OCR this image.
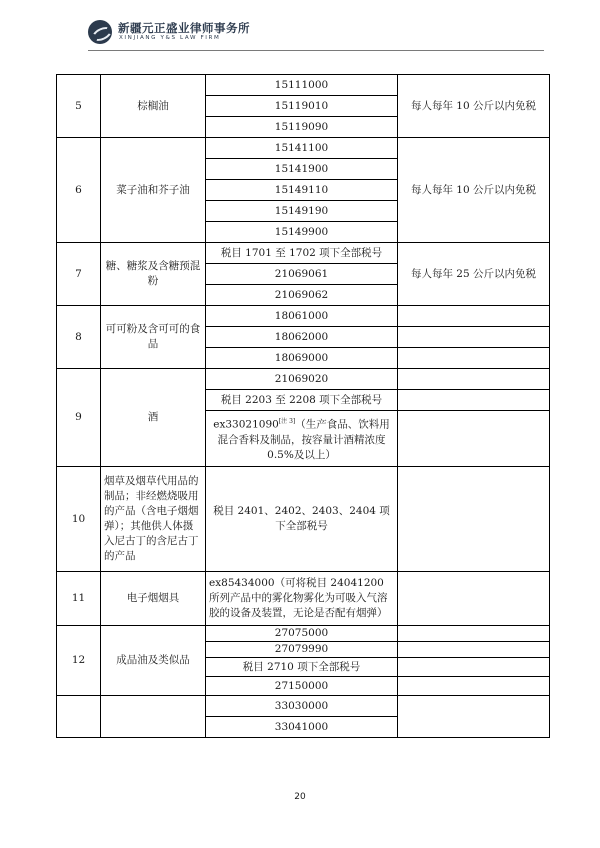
新疆元正盛业律师事务所
XINJIANG Y&S LAW FIRM
5	棕榈油	15111000	每人每年 10 公斤以内免税
		15119010	
		15119090	
6	菜子油和芥子油	15141100	每人每年 10 公斤以内免税
		15141900	
		15149110	
		15149190	
		15149900	
7	糖、糖浆及含糖预混粉	税目 1701 至 1702 项下全部税号	每人每年 25 公斤以内免税
		21069061	
		21069062	
8	可可粉及含可可的食品	18061000	
		18062000	
		18069000	
9	酒	21069020	
		税目 2203 至 2208 项下全部税号	
		ex33021090[注 3]（生产食品、饮料用混合香料及制品，按容量计酒精浓度 0.5%及以上）	
10	烟草及烟草代用品的制品；非经燃烧吸用的产品（含电子烟烟弹）；其他供人体摄入尼古丁的含尼古丁的产品	税目 2401、2402、2403、2404 项下全部税号	
11	电子烟烟具	ex85434000（可将税目 24041200 所列产品中的雾化物雾化为可吸入气溶胶的设备及装置，无论是否配有烟弹）	
12	成品油及类似品	27075000	
		27079990	
		税目 2710 项下全部税号	
		27150000	
		33030000	
		33041000	
20
